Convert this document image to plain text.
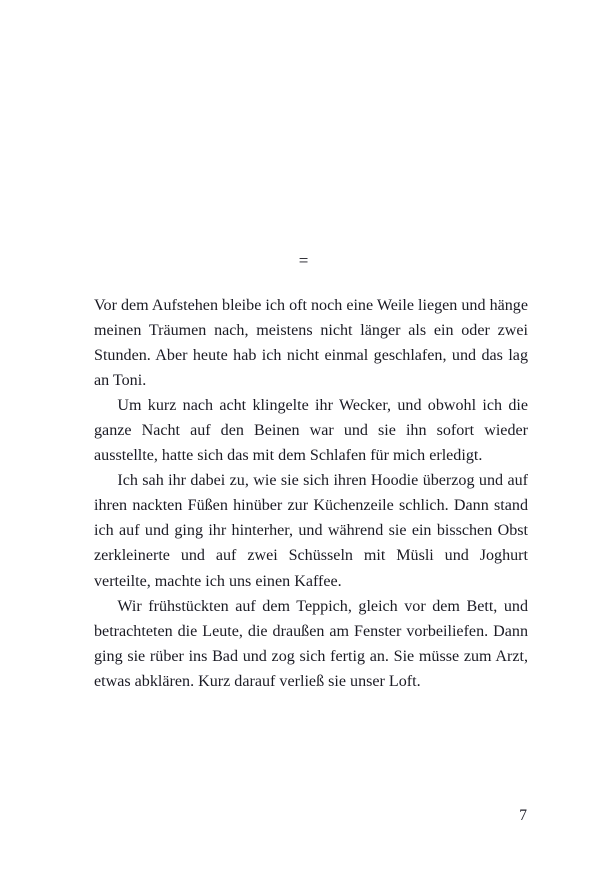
=

Vor dem Aufstehen bleibe ich oft noch eine Weile liegen und hänge meinen Träumen nach, meistens nicht länger als ein oder zwei Stunden. Aber heute hab ich nicht einmal geschlafen, und das lag an Toni.

Um kurz nach acht klingelte ihr Wecker, und obwohl ich die ganze Nacht auf den Beinen war und sie ihn sofort wieder ausstellte, hatte sich das mit dem Schlafen für mich erledigt.

Ich sah ihr dabei zu, wie sie sich ihren Hoodie überzog und auf ihren nackten Füßen hinüber zur Küchenzeile schlich. Dann stand ich auf und ging ihr hinterher, und während sie ein bisschen Obst zerkleinerte und auf zwei Schüsseln mit Müsli und Joghurt verteilte, machte ich uns einen Kaffee.

Wir frühstückten auf dem Teppich, gleich vor dem Bett, und betrachteten die Leute, die draußen am Fenster vorbeiliefen. Dann ging sie rüber ins Bad und zog sich fertig an. Sie müsse zum Arzt, etwas abklären. Kurz darauf verließ sie unser Loft.

7
